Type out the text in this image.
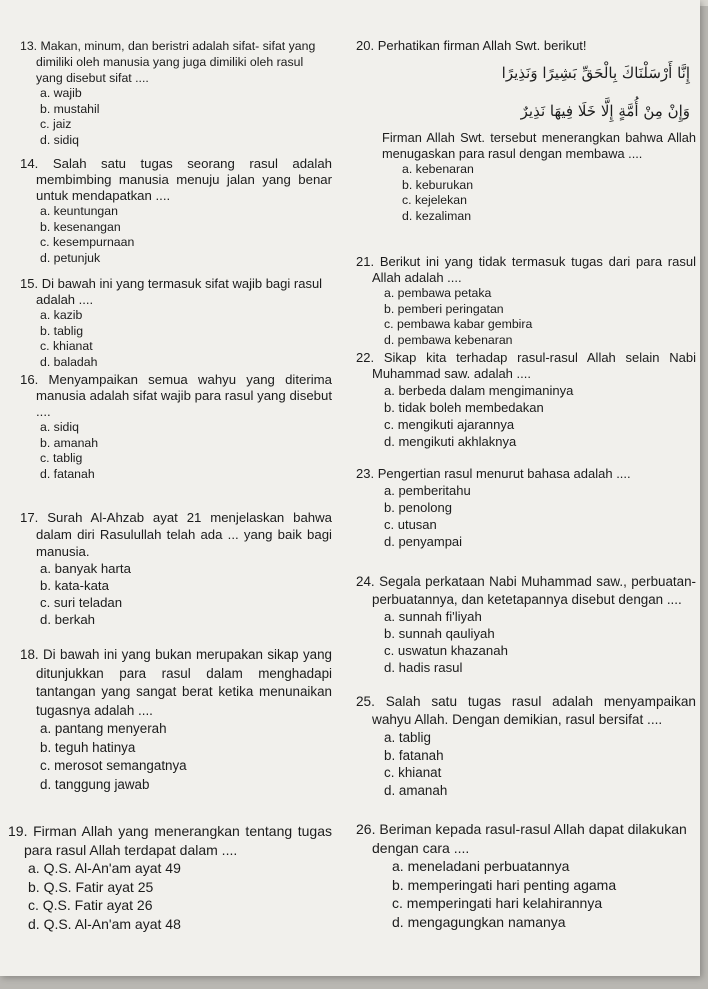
13. Makan, minum, dan beristri adalah sifat- sifat yang dimiliki oleh manusia yang juga dimiliki oleh rasul yang disebut sifat ....
a. wajib
b. mustahil
c. jaiz
d. sidiq
14. Salah satu tugas seorang rasul adalah membimbing manusia menuju jalan yang benar untuk mendapatkan ....
a. keuntungan
b. kesenangan
c. kesempurnaan
d. petunjuk
15. Di bawah ini yang termasuk sifat wajib bagi rasul adalah ....
a. kazib
b. tablig
c. khianat
d. baladah
16. Menyampaikan semua wahyu yang diterima manusia adalah sifat wajib para rasul yang disebut ....
a. sidiq
b. amanah
c. tablig
d. fatanah
17. Surah Al-Ahzab ayat 21 menjelaskan bahwa dalam diri Rasulullah telah ada ... yang baik bagi manusia.
a. banyak harta
b. kata-kata
c. suri teladan
d. berkah
18. Di bawah ini yang bukan merupakan sikap yang ditunjukkan para rasul dalam menghadapi tantangan yang sangat berat ketika menunaikan tugasnya adalah ....
a. pantang menyerah
b. teguh hatinya
c. merosot semangatnya
d. tanggung jawab
19. Firman Allah yang menerangkan tentang tugas para rasul Allah terdapat dalam ....
a. Q.S. Al-An'am ayat 49
b. Q.S. Fatir ayat 25
c. Q.S. Fatir ayat 26
d. Q.S. Al-An'am ayat 48
20. Perhatikan firman Allah Swt. berikut!
إِنَّا أَرْسَلْنَاكَ بِالْحَقِّ بَشِيرًا وَنَذِيرًا
وَإِنْ مِنْ أُمَّةٍ إِلَّا خَلَا فِيهَا نَذِيرٌ
Firman Allah Swt. tersebut menerangkan bahwa Allah menugaskan para rasul dengan membawa ....
a. kebenaran
b. keburukan
c. kejelekan
d. kezaliman
21. Berikut ini yang tidak termasuk tugas dari para rasul Allah adalah ....
a. pembawa petaka
b. pemberi peringatan
c. pembawa kabar gembira
d. pembawa kebenaran
22. Sikap kita terhadap rasul-rasul Allah selain Nabi Muhammad saw. adalah ....
a. berbeda dalam mengimaninya
b. tidak boleh membedakan
c. mengikuti ajarannya
d. mengikuti akhlaknya
23. Pengertian rasul menurut bahasa adalah ....
a. pemberitahu
b. penolong
c. utusan
d. penyampai
24. Segala perkataan Nabi Muhammad saw., perbuatan-perbuatannya, dan ketetapannya disebut dengan ....
a. sunnah fi'liyah
b. sunnah qauliyah
c. uswatun khazanah
d. hadis rasul
25. Salah satu tugas rasul adalah menyampaikan wahyu Allah. Dengan demikian, rasul bersifat ....
a. tablig
b. fatanah
c. khianat
d. amanah
26. Beriman kepada rasul-rasul Allah dapat dilakukan dengan cara ....
a. meneladani perbuatannya
b. memperingati hari penting agama
c. memperingati hari kelahirannya
d. mengagungkan namanya
